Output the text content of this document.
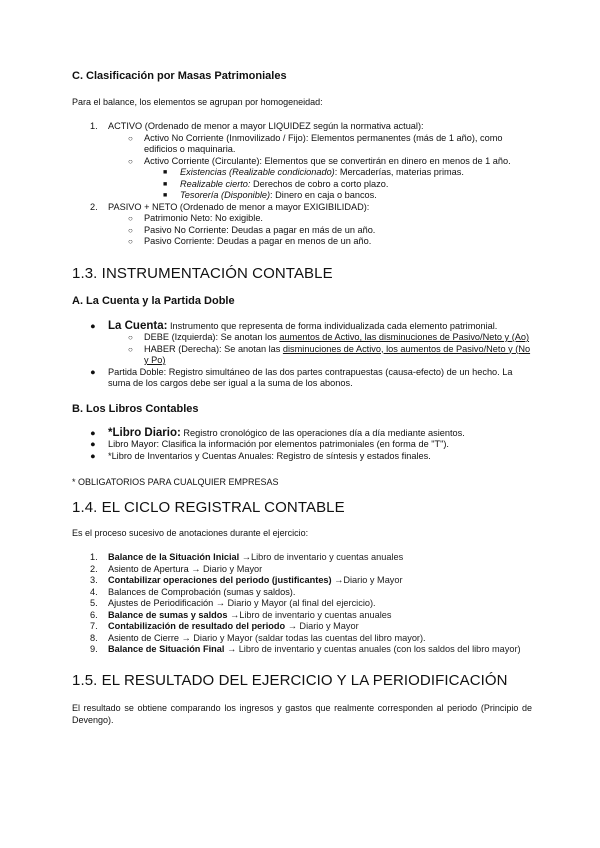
C. Clasificación por Masas Patrimoniales

Para el balance, los elementos se agrupan por homogeneidad:

1. ACTIVO (Ordenado de menor a mayor LIQUIDEZ según la normativa actual):
○ Activo No Corriente (Inmovilizado / Fijo): Elementos permanentes (más de 1 año), como edificios o maquinaria.
○ Activo Corriente (Circulante): Elementos que se convertirán en dinero en menos de 1 año.
■ Existencias (Realizable condicionado): Mercaderías, materias primas.
■ Realizable cierto: Derechos de cobro a corto plazo.
■ Tesorería (Disponible): Dinero en caja o bancos.
2. PASIVO + NETO (Ordenado de menor a mayor EXIGIBILIDAD):
○ Patrimonio Neto: No exigible.
○ Pasivo No Corriente: Deudas a pagar en más de un año.
○ Pasivo Corriente: Deudas a pagar en menos de un año.
1.3. INSTRUMENTACIÓN CONTABLE
A. La Cuenta y la Partida Doble
● La Cuenta: Instrumento que representa de forma individualizada cada elemento patrimonial.
○ DEBE (Izquierda): Se anotan los aumentos de Activo, las disminuciones de Pasivo/Neto y (Ao)
○ HABER (Derecha): Se anotan las disminuciones de Activo, los aumentos de Pasivo/Neto y (No y Po)
● Partida Doble: Registro simultáneo de las dos partes contrapuestas (causa-efecto) de un hecho. La suma de los cargos debe ser igual a la suma de los abonos.
B. Los Libros Contables
● *Libro Diario: Registro cronológico de las operaciones día a día mediante asientos.
● Libro Mayor: Clasifica la información por elementos patrimoniales (en forma de "T").
● *Libro de Inventarios y Cuentas Anuales: Registro de síntesis y estados finales.

* OBLIGATORIOS PARA CUALQUIER EMPRESAS

1.4. EL CICLO REGISTRAL CONTABLE

Es el proceso sucesivo de anotaciones durante el ejercicio:

1. Balance de la Situación Inicial →Libro de inventario y cuentas anuales
2. Asiento de Apertura → Diario y Mayor
3. Contabilizar operaciones del periodo (justificantes) →Diario y Mayor
4. Balances de Comprobación (sumas y saldos).
5. Ajustes de Periodificación → Diario y Mayor (al final del ejercicio).
6. Balance de sumas y saldos →Libro de inventario y cuentas anuales
7. Contabilización de resultado del periodo → Diario y Mayor
8. Asiento de Cierre → Diario y Mayor (saldar todas las cuentas del libro mayor).
9. Balance de Situación Final → Libro de inventario y cuentas anuales (con los saldos del libro mayor)
1.5. EL RESULTADO DEL EJERCICIO Y LA PERIODIFICACIÓN

El resultado se obtiene comparando los ingresos y gastos que realmente corresponden al periodo (Principio de Devengo).
